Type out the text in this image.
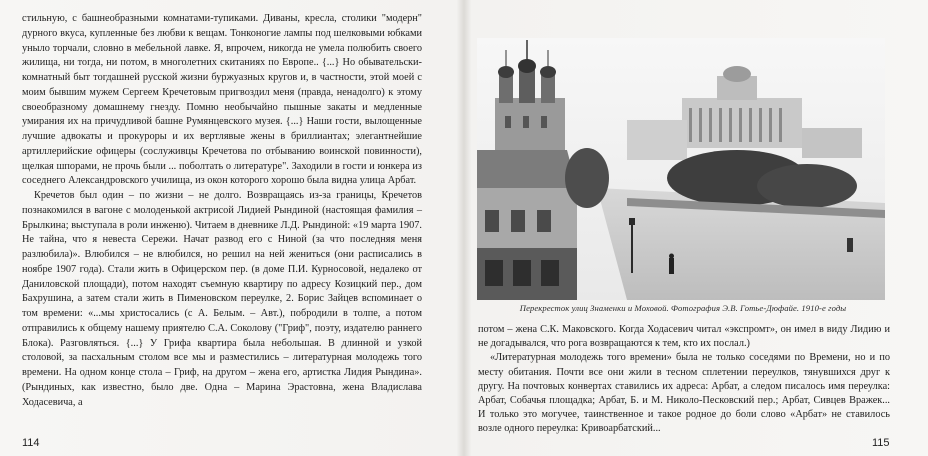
стильную, с башнеобразными комнатами-тупиками. Диваны, кресла, столики "модерн" дурного вкуса, купленные без любви к вещам. Тонконогие лампы под шелковыми юбками уныло торчали, словно в мебельной лавке. Я, впрочем, никогда не умела полюбить своего жилища, ни тогда, ни потом, в многолетних скитаниях по Европе.. {...} Но обывательски-комнатный быт тогдашней русской жизни буржуазных кругов и, в частности, этой моей с моим бывшим мужем Сергеем Кречетовым пригвоздил меня (правда, ненадолго) к этому своеобразному домашнему гнезду. Помню необычайно пышные закаты и медленные умирания их на причудливой башне Румянцевского музея. {...} Наши гости, вылощенные лучшие адвокаты и прокуроры и их вертлявые жены в бриллиантах; элегантнейшие артиллерийские офицеры (сослуживцы Кречетова по отбыванию воинской повинности), щелкая шпорами, не прочь были ... поболтать о литературе". Заходили в гости и юнкера из соседнего Александровского училища, из окон которого хорошо была видна улица Арбат.

Кречетов был один – по жизни – не долго. Возвращаясь из-за границы, Кречетов познакомился в вагоне с молоденькой актрисой Лидией Рындиной (настоящая фамилия – Брылкина; выступала в роли инженю). Читаем в дневнике Л.Д. Рындиной: «19 марта 1907. Не тайна, что я невеста Сережи. Начат развод его с Ниной (за что последняя меня разлюбила)». Влюбился – не влюбился, но решил на ней жениться (они расписались в ноябре 1907 года). Стали жить в Офицерском пер. (в доме П.И. Курносовой, недалеко от Даниловской площади), потом находят съемную квартиру по адресу Козицкий пер., дом Бахрушина, а затем стали жить в Пименовском переулке, 2. Борис Зайцев вспоминает о том времени: «...мы христосались (с А. Белым. – Авт.), побродили в толпе, а потом отправились к общему нашему приятелю С.А. Соколову ("Гриф", поэту, издателю раннего Блока). Разговляться. {...} У Грифа квартира была небольшая. В длинной и узкой столовой, за пасхальным столом все мы и разместились – литературная молодежь того времени. На одном конце стола – Гриф, на другом – жена его, артистка Лидия Рындина». (Рындиных, как известно, было две. Одна – Марина Эрастовна, жена Владислава Ходасевича, а

Перекресток улиц Знаменки и Моховой. Фотография Э.В. Готье-Дюфайе. 1910-е годы

потом – жена С.К. Маковского. Когда Ходасевич читал «экспромт», он имел в виду Лидию и не догадывался, что рога возвращаются к тем, кто их послал.)

«Литературная молодежь того времени» была не только соседями по Времени, но и по месту обитания. Почти все они жили в тесном сплетении переулков, тянувшихся друг к другу. На почтовых конвертах ставились их адреса: Арбат, а следом писалось имя переулка: Арбат, Собачья площадка; Арбат, Б. и М. Николо-Песковский пер.; Арбат, Сивцев Вражек... И только это могучее, таинственное и такое родное до боли слово «Арбат» не ставилось возле одного переулка: Кривоарбатский...

114	115
